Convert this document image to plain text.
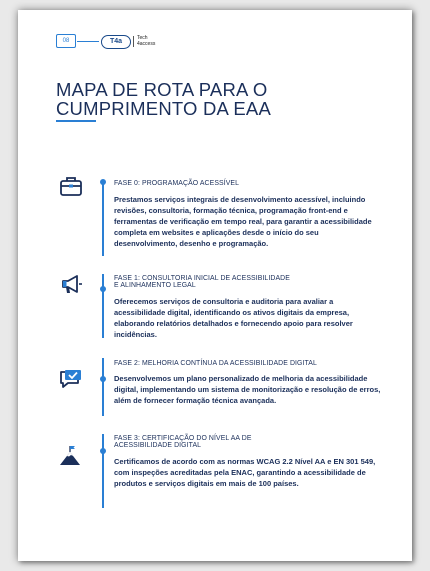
08	T4a	Tech
4access
MAPA DE ROTA PARA O
CUMPRIMENTO DA EAA
FASE 0: PROGRAMAÇÃO ACESSÍVEL
Prestamos serviços integrais de desenvolvimento acessível, incluindo revisões, consultoria, formação técnica, programação front-end e ferramentas de verificação em tempo real, para garantir a acessibilidade completa em websites e aplicações desde o início do seu desenvolvimento, desenho e programação.
FASE 1: CONSULTORIA INICIAL DE ACESSIBILIDADE
E ALINHAMENTO LEGAL
Oferecemos serviços de consultoria e auditoria para avaliar a acessibilidade digital, identificando os ativos digitais da empresa, elaborando relatórios detalhados e fornecendo apoio para resolver incidências.
FASE 2: MELHORIA CONTÍNUA DA ACESSIBILIDADE DIGITAL
Desenvolvemos um plano personalizado de melhoria da acessibilidade digital, implementando um sistema de monitorização e resolução de erros, além de fornecer formação técnica avançada.
FASE 3: CERTIFICAÇÃO DO NÍVEL AA DE
ACESSIBILIDADE DIGITAL
Certificamos de acordo com as normas WCAG 2.2 Nível AA e EN 301 549, com inspeções acreditadas pela ENAC, garantindo a acessibilidade de produtos e serviços digitais em mais de 100 países.
